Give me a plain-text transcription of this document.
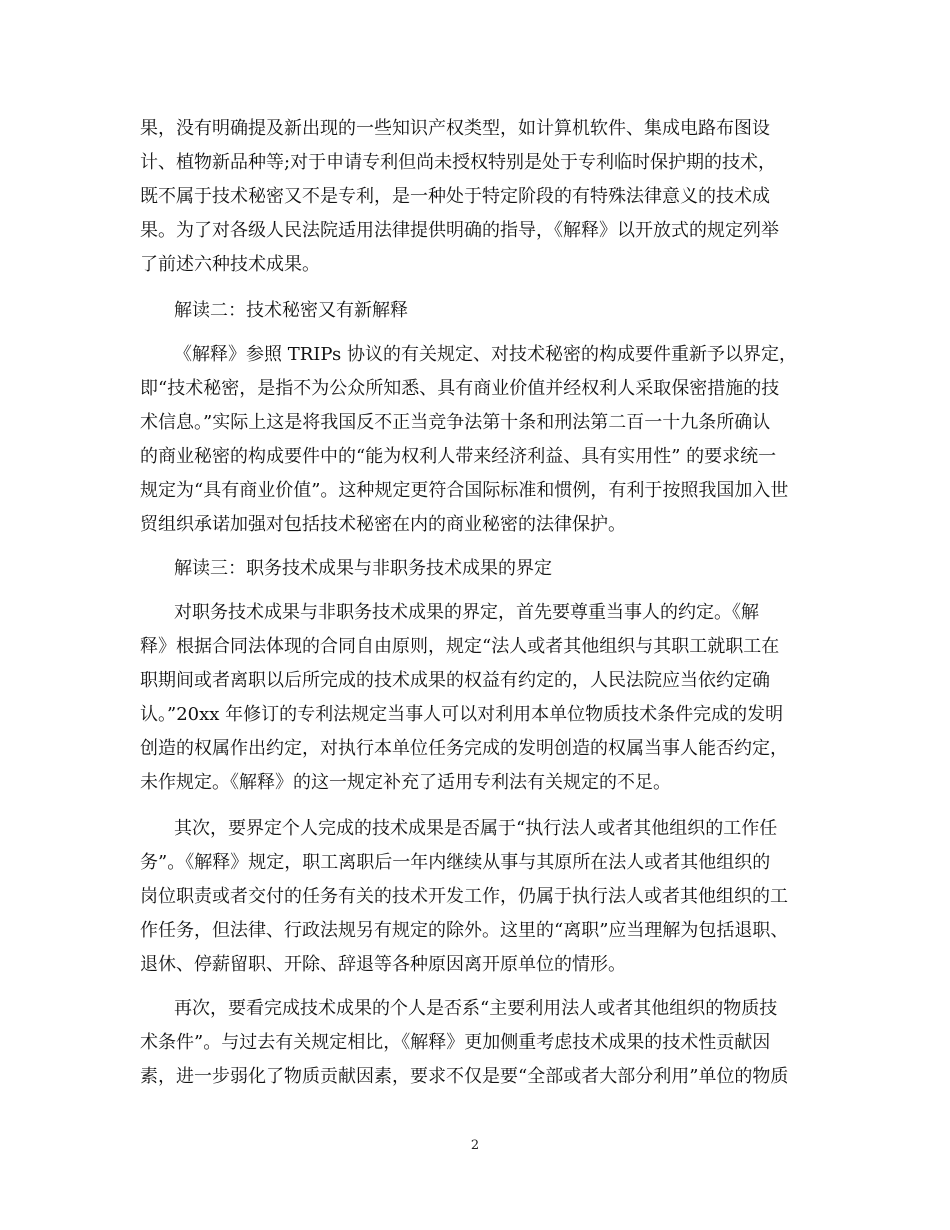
果，没有明确提及新出现的一些知识产权类型，如计算机软件、集成电路布图设
计、植物新品种等;对于申请专利但尚未授权特别是处于专利临时保护期的技术，
既不属于技术秘密又不是专利，是一种处于特定阶段的有特殊法律意义的技术成
果。为了对各级人民法院适用法律提供明确的指导，《解释》以开放式的规定列举
了前述六种技术成果。
解读二：技术秘密又有新解释
《解释》参照 TRIPs 协议的有关规定、对技术秘密的构成要件重新予以界定，
即“技术秘密，是指不为公众所知悉、具有商业价值并经权利人采取保密措施的技
术信息。”实际上这是将我国反不正当竞争法第十条和刑法第二百一十九条所确认
的商业秘密的构成要件中的“能为权利人带来经济利益、具有实用性” 的要求统一
规定为“具有商业价值”。这种规定更符合国际标准和惯例，有利于按照我国加入世
贸组织承诺加强对包括技术秘密在内的商业秘密的法律保护。
解读三：职务技术成果与非职务技术成果的界定
对职务技术成果与非职务技术成果的界定，首先要尊重当事人的约定。《解
释》根据合同法体现的合同自由原则，规定“法人或者其他组织与其职工就职工在
职期间或者离职以后所完成的技术成果的权益有约定的，人民法院应当依约定确
认。”20xx 年修订的专利法规定当事人可以对利用本单位物质技术条件完成的发明
创造的权属作出约定，对执行本单位任务完成的发明创造的权属当事人能否约定，
未作规定。《解释》的这一规定补充了适用专利法有关规定的不足。
其次，要界定个人完成的技术成果是否属于“执行法人或者其他组织的工作任
务”。《解释》规定，职工离职后一年内继续从事与其原所在法人或者其他组织的
岗位职责或者交付的任务有关的技术开发工作，仍属于执行法人或者其他组织的工
作任务，但法律、行政法规另有规定的除外。这里的“离职”应当理解为包括退职、
退休、停薪留职、开除、辞退等各种原因离开原单位的情形。
再次，要看完成技术成果的个人是否系“主要利用法人或者其他组织的物质技
术条件”。与过去有关规定相比，《解释》更加侧重考虑技术成果的技术性贡献因
素，进一步弱化了物质贡献因素，要求不仅是要“全部或者大部分利用”单位的物质
2
